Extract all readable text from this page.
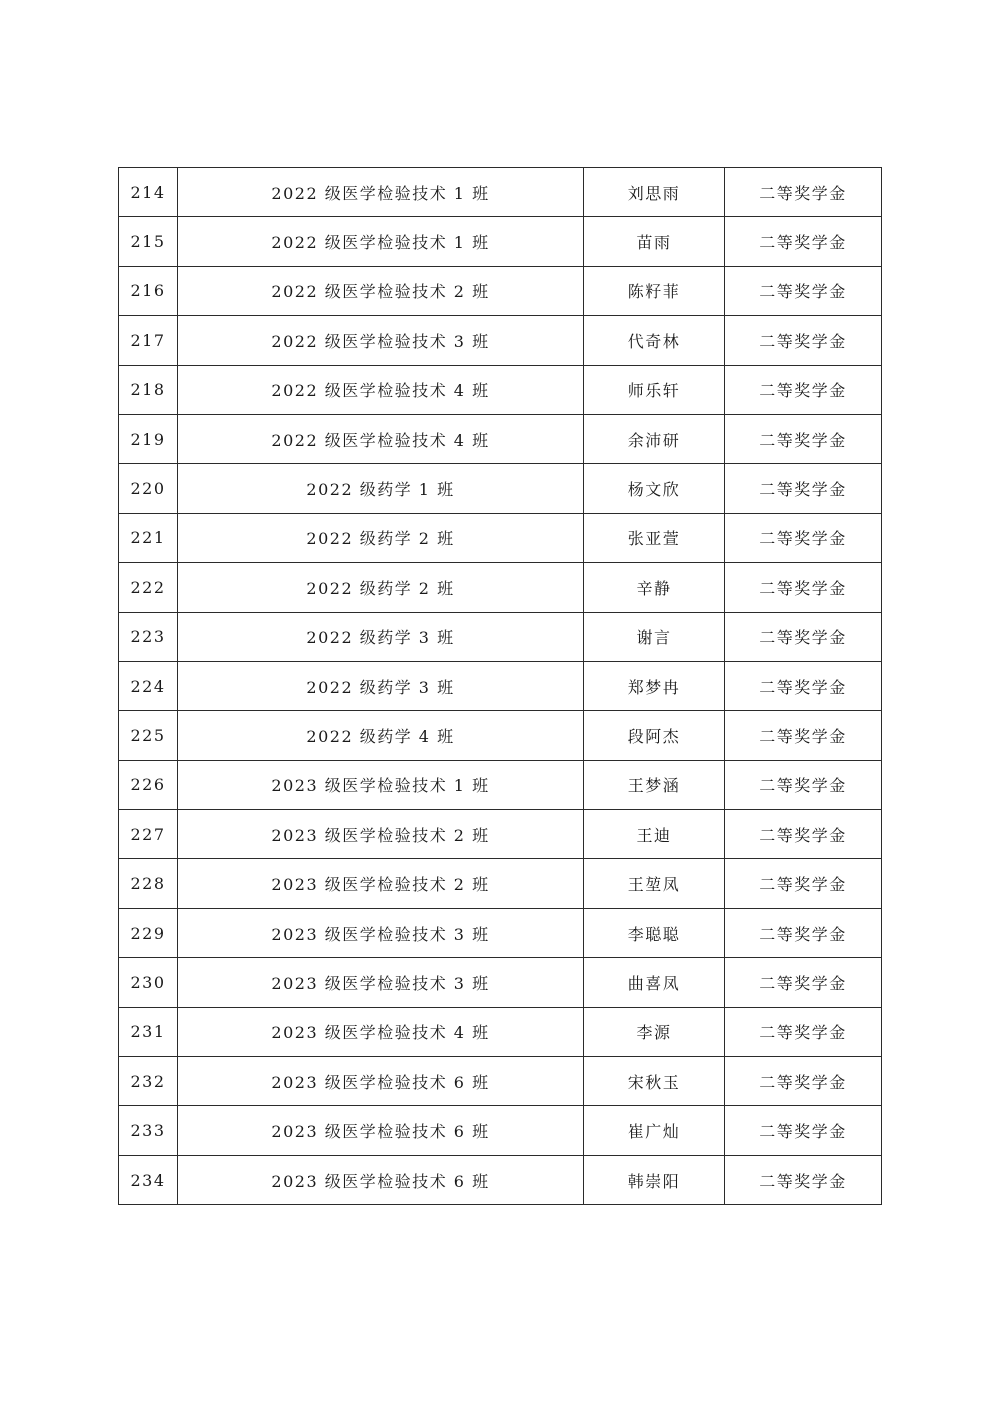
214	2022 级医学检验技术 1 班	刘思雨	二等奖学金
215	2022 级医学检验技术 1 班	苗雨	二等奖学金
216	2022 级医学检验技术 2 班	陈籽菲	二等奖学金
217	2022 级医学检验技术 3 班	代奇林	二等奖学金
218	2022 级医学检验技术 4 班	师乐轩	二等奖学金
219	2022 级医学检验技术 4 班	余沛研	二等奖学金
220	2022 级药学 1 班	杨文欣	二等奖学金
221	2022 级药学 2 班	张亚萱	二等奖学金
222	2022 级药学 2 班	辛静	二等奖学金
223	2022 级药学 3 班	谢言	二等奖学金
224	2022 级药学 3 班	郑梦冉	二等奖学金
225	2022 级药学 4 班	段阿杰	二等奖学金
226	2023 级医学检验技术 1 班	王梦涵	二等奖学金
227	2023 级医学检验技术 2 班	王迪	二等奖学金
228	2023 级医学检验技术 2 班	王堃凤	二等奖学金
229	2023 级医学检验技术 3 班	李聪聪	二等奖学金
230	2023 级医学检验技术 3 班	曲喜凤	二等奖学金
231	2023 级医学检验技术 4 班	李源	二等奖学金
232	2023 级医学检验技术 6 班	宋秋玉	二等奖学金
233	2023 级医学检验技术 6 班	崔广灿	二等奖学金
234	2023 级医学检验技术 6 班	韩崇阳	二等奖学金
